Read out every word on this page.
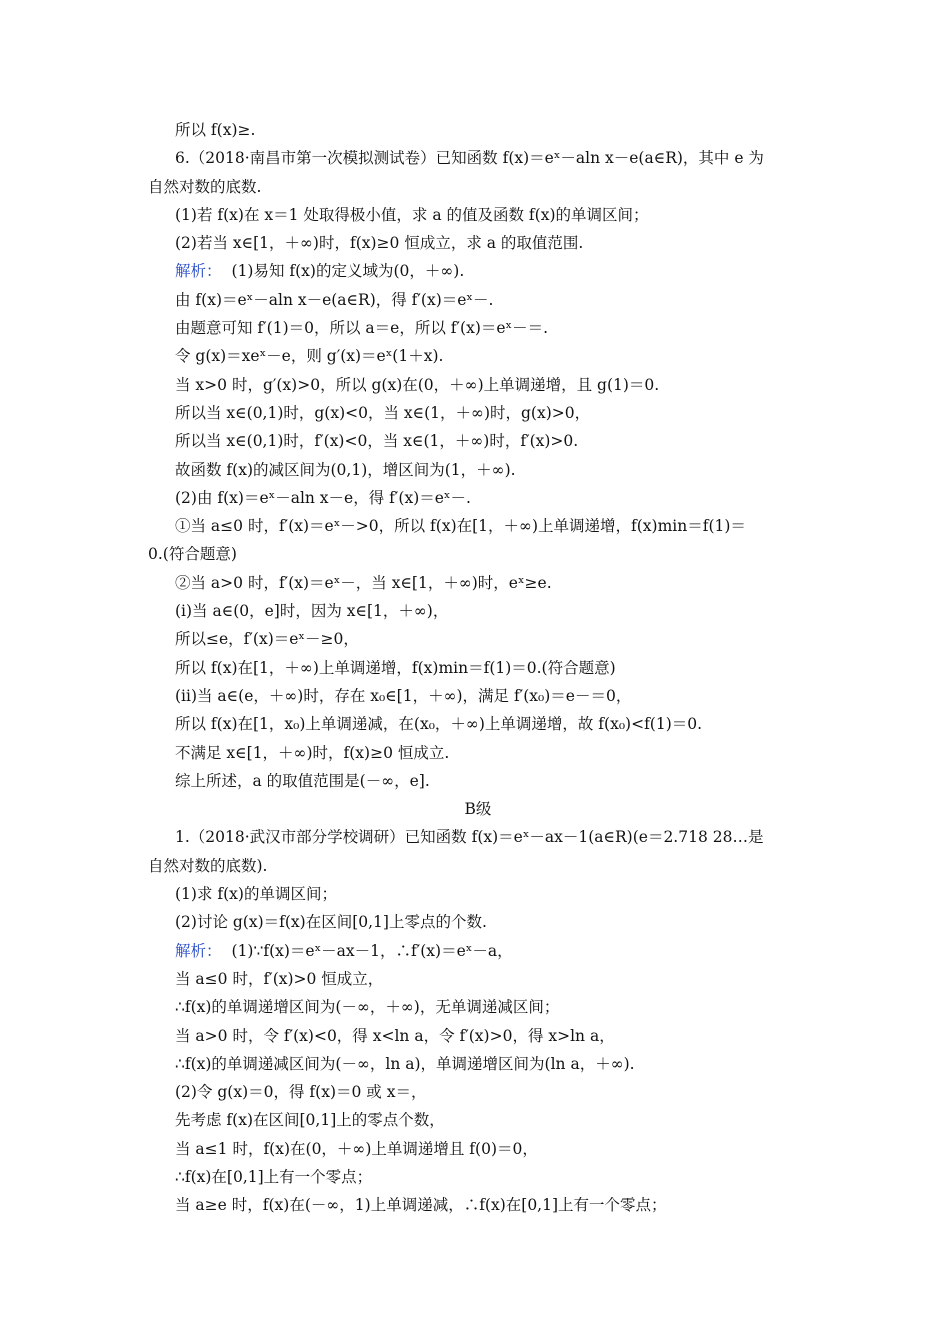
所以 f(x)≥.
6.（2018·南昌市第一次模拟测试卷）已知函数 f(x)＝eˣ－aln x－e(a∈R)，其中 e 为
自然对数的底数.
(1)若 f(x)在 x＝1 处取得极小值，求 a 的值及函数 f(x)的单调区间；
(2)若当 x∈[1，＋∞)时，f(x)≥0 恒成立，求 a 的取值范围.
解析： (1)易知 f(x)的定义域为(0，＋∞).
由 f(x)＝eˣ－aln x－e(a∈R)，得 f′(x)＝eˣ－.
由题意可知 f′(1)＝0，所以 a＝e，所以 f′(x)＝eˣ－＝.
令 g(x)＝xeˣ－e，则 g′(x)＝eˣ(1＋x).
当 x>0 时，g′(x)>0，所以 g(x)在(0，＋∞)上单调递增，且 g(1)＝0.
所以当 x∈(0,1)时，g(x)<0，当 x∈(1，＋∞)时，g(x)>0，
所以当 x∈(0,1)时，f′(x)<0，当 x∈(1，＋∞)时，f′(x)>0.
故函数 f(x)的减区间为(0,1)，增区间为(1，＋∞).
(2)由 f(x)＝eˣ－aln x－e，得 f′(x)＝eˣ－.
①当 a≤0 时，f′(x)＝eˣ－>0，所以 f(x)在[1，＋∞)上单调递增，f(x)min＝f(1)＝
0.(符合题意)
②当 a>0 时，f′(x)＝eˣ－，当 x∈[1，＋∞)时，eˣ≥e.
(ⅰ)当 a∈(0，e]时，因为 x∈[1，＋∞)，
所以≤e，f′(x)＝eˣ－≥0，
所以 f(x)在[1，＋∞)上单调递增，f(x)min＝f(1)＝0.(符合题意)
(ⅱ)当 a∈(e，＋∞)时，存在 x₀∈[1，＋∞)，满足 f′(x₀)＝e－＝0，
所以 f(x)在[1，x₀)上单调递减，在(x₀，＋∞)上单调递增，故 f(x₀)<f(1)＝0.
不满足 x∈[1，＋∞)时，f(x)≥0 恒成立.
综上所述，a 的取值范围是(－∞，e].
B级
1.（2018·武汉市部分学校调研）已知函数 f(x)＝eˣ－ax－1(a∈R)(e＝2.718 28…是
自然对数的底数).
(1)求 f(x)的单调区间；
(2)讨论 g(x)＝f(x)在区间[0,1]上零点的个数.
解析： (1)∵f(x)＝eˣ－ax－1，∴f′(x)＝eˣ－a，
当 a≤0 时，f′(x)>0 恒成立，
∴f(x)的单调递增区间为(－∞，＋∞)，无单调递减区间；
当 a>0 时，令 f′(x)<0，得 x<ln a，令 f′(x)>0，得 x>ln a，
∴f(x)的单调递减区间为(－∞，ln a)，单调递增区间为(ln a，＋∞).
(2)令 g(x)＝0，得 f(x)＝0 或 x＝，
先考虑 f(x)在区间[0,1]上的零点个数，
当 a≤1 时，f(x)在(0，＋∞)上单调递增且 f(0)＝0，
∴f(x)在[0,1]上有一个零点；
当 a≥e 时，f(x)在(－∞，1)上单调递减，∴f(x)在[0,1]上有一个零点；
